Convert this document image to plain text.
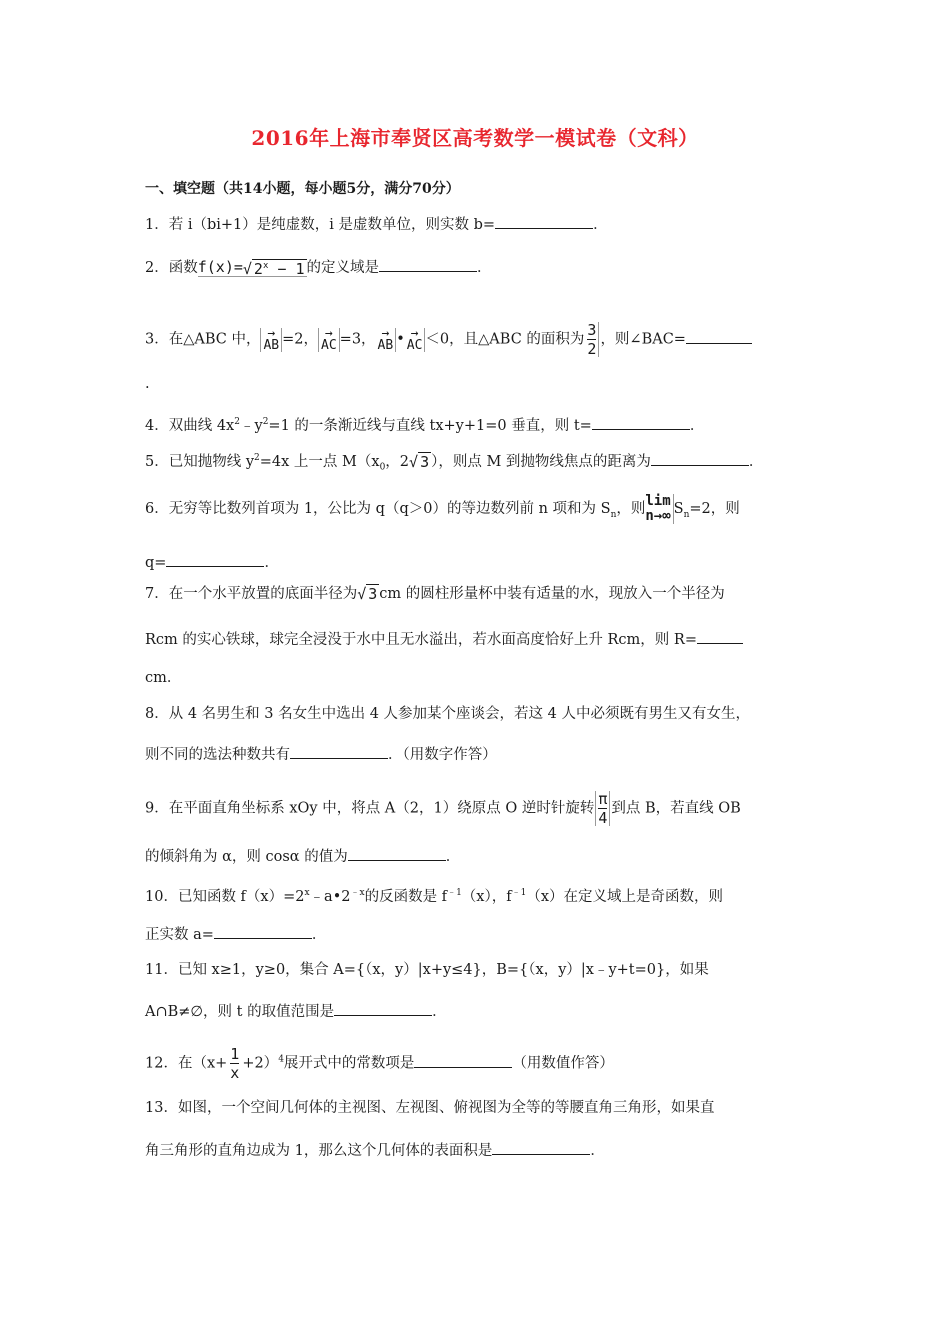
2016年上海市奉贤区高考数学一模试卷（文科）
一、填空题（共14小题，每小题5分，满分70分）
1．若 i（bi+1）是纯虚数，i 是虚数单位，则实数 b=	．
2．函数f(x)=√ $2^x - 1$ 的定义域是	．
3．在△ABC 中， →
AB =2， →
AC =3， →
AB • →
AC ＜0，且△ABC 的面积为 $\frac{3}{2}$ ，则∠BAC=
.
4．双曲线 $4x^2﹣y^2=1$ 的一条渐近线与直线 tx+y+1=0 垂直，则 t=	．
5．已知抛物线 $y^2=4x$ 上一点 $M(x_0$，2√ 3 ），则点 M 到抛物线焦点的距离为	．
6．无穷等比数列首项为 1，公比为 q（q＞0）的等边数列前 n 项和为 $S_n$，则 lim
n→∞ $S_n=2$，则
q=	．
7．在一个水平放置的底面半径为√ 3 cm 的圆柱形量杯中装有适量的水，现放入一个半径为
Rcm 的实心铁球，球完全浸没于水中且无水溢出，若水面高度恰好上升 Rcm，则 R=
cm．
8．从 4 名男生和 3 名女生中选出 4 人参加某个座谈会，若这 4 人中必须既有男生又有女生，
则不同的选法种数共有	．（用数字作答）
9．在平面直角坐标系 xOy 中，将点 A（2，1）绕原点 O 逆时针旋转 $\frac{\pi}{4}$ 到点 B，若直线 OB
的倾斜角为 α，则 cosα 的值为	．
10．已知函数 $f(x)=2^x﹣a•2^{﹣x}$的反函数是 $f^{﹣1}(x)$，$f^{﹣1}(x)$在定义域上是奇函数，则
正实数 a=	．
11．已知 x≥1，y≥0，集合 A={（x，y）|x+y≤4}，B={（x，y）|x﹣y+t=0}，如果
A∩B≠∅，则 t 的取值范围是	．
12．在$(x+ \frac{1}{x} +2)^4$展开式中的常数项是	（用数值作答）
13．如图，一个空间几何体的主视图、左视图、俯视图为全等的等腰直角三角形，如果直
角三角形的直角边成为 1，那么这个几何体的表面积是	．
